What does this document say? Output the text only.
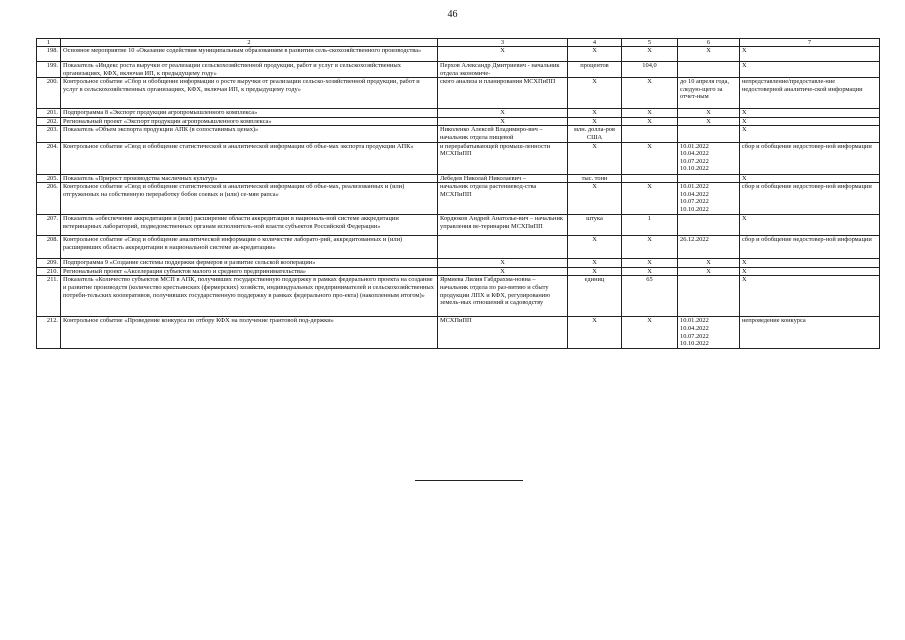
46
1	2	3	4	5	6	7
198.	Основное мероприятие 10 «Оказание содействия муниципальным образованиям в развитии сель-скохозяйственного производства»	X	X	X	X	X
199.	Показатель «Индекс роста выручки от реализации сельскохозяйственной продукции, работ и услуг в сельскохозяйственных организациях, КФХ, включая ИП, к предыдущему году»	Перхов Александр Дмитриевич - начальник отдела экономиче-	процентов	104,0		X
200.	Контрольное событие «Сбор и обобщение информации о росте выручки от реализации сельско-хозяйственной продукции, работ и услуг в сельскохозяйственных организациях, КФХ, включая ИП, к предыдущему году»	ского анализа и планирования МСХПиПП	X	X	до 10 апреля года, следую-щего за отчет-ным	непредставление/предоставле-ние недостоверной аналитиче-ской информации
201.	Подпрограмма 8 «Экспорт продукции агропромышленного комплекса»	X	X	X	X	X
202.	Региональный проект «Экспорт продукции агропромышленного комплекса»	X	X	X	X	X
203.	Показатель «Объем экспорта продукции АПК (в сопоставимых ценах)»	Николенко Алексей Владимиро-вич – начальник отдела пищевой	млн. долла-ров США			X
204.	Контрольное событие «Свод и обобщение статистической и аналитической информации об объе-мах экспорта продукции АПК»	и перерабатывающей промыш-ленности МСХПиПП	X	X	10.01.2022 10.04.2022 10.07.2022 10.10.2022	сбор и обобщение недостовер-ной информации
205.	Показатель «Прирост производства масличных культур»	Лебедев Николай Николаевич –	тыс. тонн			X
206.	Контрольное событие «Свод и обобщение статистической и аналитической информации об объе-мах, реализованных и (или) отгруженных на собственную переработку бобов соевых и (или) се-мян рапса»	начальник отдела растениевод-ства МСХПиПП	X	X	10.01.2022 10.04.2022 10.07.2022 10.10.2022	сбор и обобщение недостовер-ной информации
207.	Показатель «обеспечение аккредитации и (или) расширение области аккредитации в националь-ной системе аккредитации ветеринарных лабораторий, подведомственных органам исполнитель-ной власти субъектов Российской Федерации»	Кордюков Андрей Анатолье-вич – начальник управления ве-теринарии МСХПиПП	штука	1		X
208.	Контрольное событие «Свод и обобщение аналитической информации о количестве лаборато-рий, аккредитованных и (или) расширивших область аккредитации в национальной системе ак-кредитации»		X	X	26.12.2022	сбор и обобщение недостовер-ной информации
209.	Подпрограмма 9 «Создание системы поддержки фермеров и развитие сельской кооперации»	X	X	X	X	X
210.	Региональный проект «Акселерация субъектов малого и среднего предпринимательства»	X	X	X	X	X
211.	Показатель «Количество субъектов МСП в АПК, получивших государственную поддержку в рамках федерального проекта на создание и развитие производств (количество крестьянских (фермерских) хозяйств, индивидуальных предпринимателей и сельскохозяйственных потреби-тельских кооперативов, получивших государственную поддержку в рамках федерального про-екта) (накопленным итогом)»	Ярмиева Лилия Габдрахма-новна – начальник отдела по раз-витию и сбыту продукции ЛПХ и КФХ, регулированию земель-ных отношений и садоводству	единиц	65		X
212.	Контрольное событие «Проведение конкурса по отбору КФХ на получение грантовой под-держки»	МСХПиПП	X	X	10.01.2022 10.04.2022 10.07.2022 10.10.2022	непроведение конкурса
